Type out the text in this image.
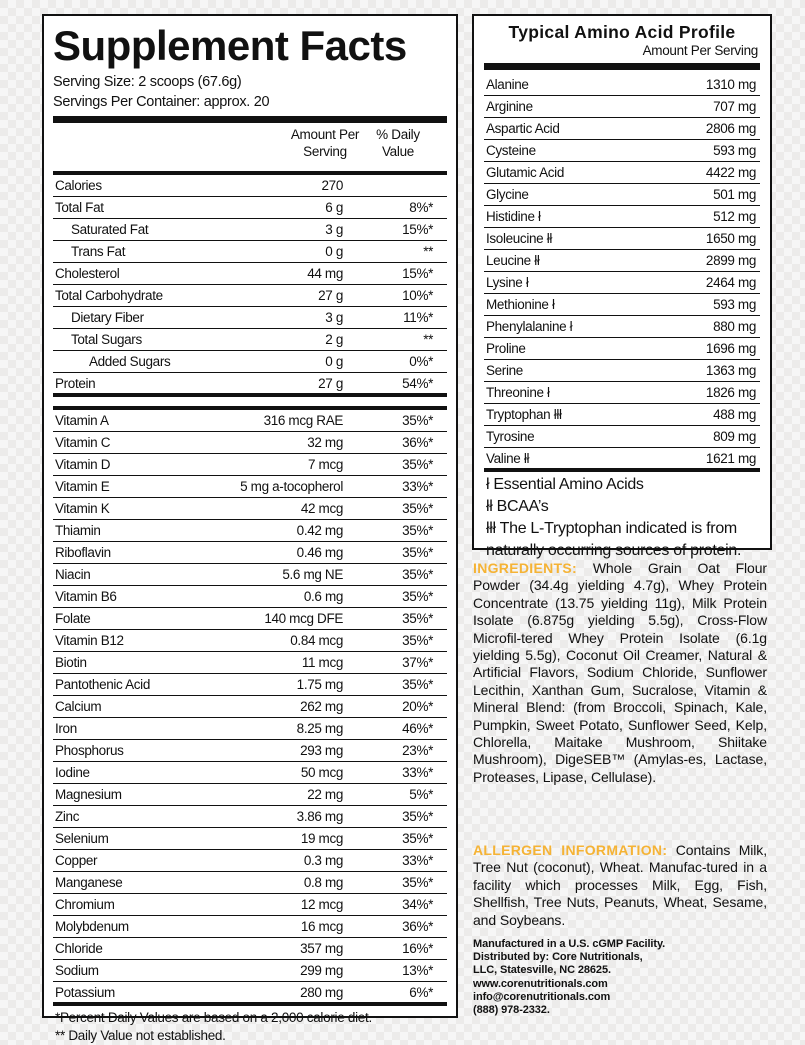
Supplement Facts
Serving Size: 2 scoops (67.6g)
Servings Per Container: approx. 20
Amount Per Serving
% Daily Value
Calories	270
Total Fat	6 g	8%*
Saturated Fat	3 g	15%*
Trans Fat	0 g	**
Cholesterol	44 mg	15%*
Total Carbohydrate	27 g	10%*
Dietary Fiber	3 g	11%*
Total Sugars	2 g	**
Added Sugars	0 g	0%*
Protein	27 g	54%*
Vitamin A	316 mcg RAE	35%*
Vitamin C	32 mg	36%*
Vitamin D	7 mcg	35%*
Vitamin E	5 mg a-tocopherol	33%*
Vitamin K	42 mcg	35%*
Thiamin	0.42 mg	35%*
Riboflavin	0.46 mg	35%*
Niacin	5.6 mg NE	35%*
Vitamin B6	0.6 mg	35%*
Folate	140 mcg DFE	35%*
Vitamin B12	0.84 mcg	35%*
Biotin	11 mcg	37%*
Pantothenic Acid	1.75 mg	35%*
Calcium	262 mg	20%*
Iron	8.25 mg	46%*
Phosphorus	293 mg	23%*
Iodine	50 mcg	33%*
Magnesium	22 mg	5%*
Zinc	3.86 mg	35%*
Selenium	19 mcg	35%*
Copper	0.3 mg	33%*
Manganese	0.8 mg	35%*
Chromium	12 mcg	34%*
Molybdenum	16 mcg	36%*
Chloride	357 mg	16%*
Sodium	299 mg	13%*
Potassium	280 mg	6%*
*Percent Daily Values are based on a 2,000 calorie diet.
** Daily Value not established.
Typical Amino Acid Profile
Amount Per Serving
Alanine	1310 mg
Arginine	707 mg
Aspartic Acid	2806 mg
Cysteine	593 mg
Glutamic Acid	4422 mg
Glycine	501 mg
Histidine ł	512 mg
Isoleucine łł	1650 mg
Leucine łł	2899 mg
Lysine ł	2464 mg
Methionine ł	593 mg
Phenylalanine ł	880 mg
Proline	1696 mg
Serine	1363 mg
Threonine ł	1826 mg
Tryptophan łłł	488 mg
Tyrosine	809 mg
Valine łł	1621 mg
ł Essential Amino Acids
łł BCAA’s
łłł The L-Tryptophan indicated is from naturally occurring sources of protein.
INGREDIENTS: Whole Grain Oat Flour Powder (34.4g yielding 4.7g), Whey Protein Concentrate (13.75 yielding 11g), Milk Protein Isolate (6.875g yielding 5.5g), Cross-Flow Microfil-tered Whey Protein Isolate (6.1g yielding 5.5g), Coconut Oil Creamer, Natural & Artificial Flavors, Sodium Chloride, Sunflower Lecithin, Xanthan Gum, Sucralose, Vitamin & Mineral Blend: (from Broccoli, Spinach, Kale, Pumpkin, Sweet Potato, Sunflower Seed, Kelp, Chlorella, Maitake Mushroom, Shiitake Mushroom), DigeSEB™ (Amylas-es, Lactase, Proteases, Lipase, Cellulase).
ALLERGEN INFORMATION: Contains Milk, Tree Nut (coconut), Wheat. Manufac-tured in a facility which processes Milk, Egg, Fish, Shellfish, Tree Nuts, Peanuts, Wheat, Sesame, and Soybeans.
Manufactured in a U.S. cGMP Facility.
Distributed by: Core Nutritionals,
LLC, Statesville, NC 28625.
www.corenutritionals.com
info@corenutritionals.com
(888) 978-2332.
